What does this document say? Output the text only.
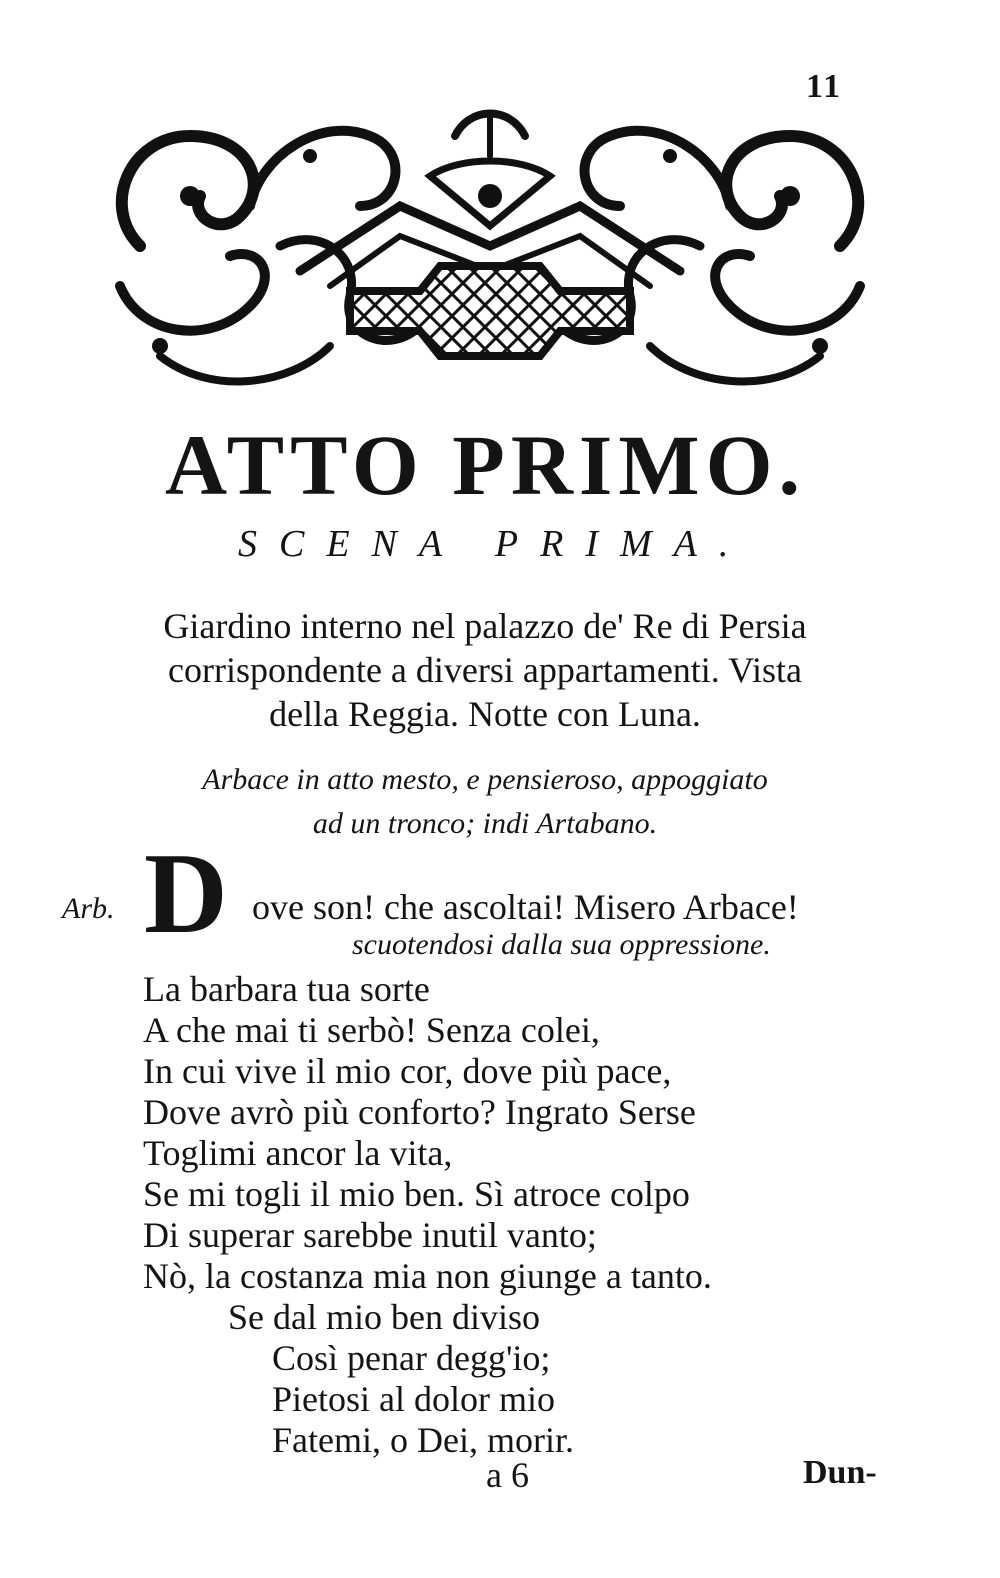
11
ATTO PRIMO.
SCENA PRIMA.
Giardino interno nel palazzo de' Re di Persia
corrispondente a diversi appartamenti. Vista
della Reggia. Notte con Luna.
Arbace in atto mesto, e pensieroso, appoggiato
ad un tronco; indi Artabano.
Arb. D ove son! che ascoltai! Misero Arbace!
scuotendosi dalla sua oppressione.
La barbara tua sorte
A che mai ti serbò! Senza colei,
In cui vive il mio cor, dove più pace,
Dove avrò più conforto? Ingrato Serse
Toglimi ancor la vita,
Se mi togli il mio ben. Sì atroce colpo
Di superar sarebbe inutil vanto;
Nò, la costanza mia non giunge a tanto.
Se dal mio ben diviso
Così penar degg'io;
Pietosi al dolor mio
Fatemi, o Dei, morir.
a 6	Dun-
